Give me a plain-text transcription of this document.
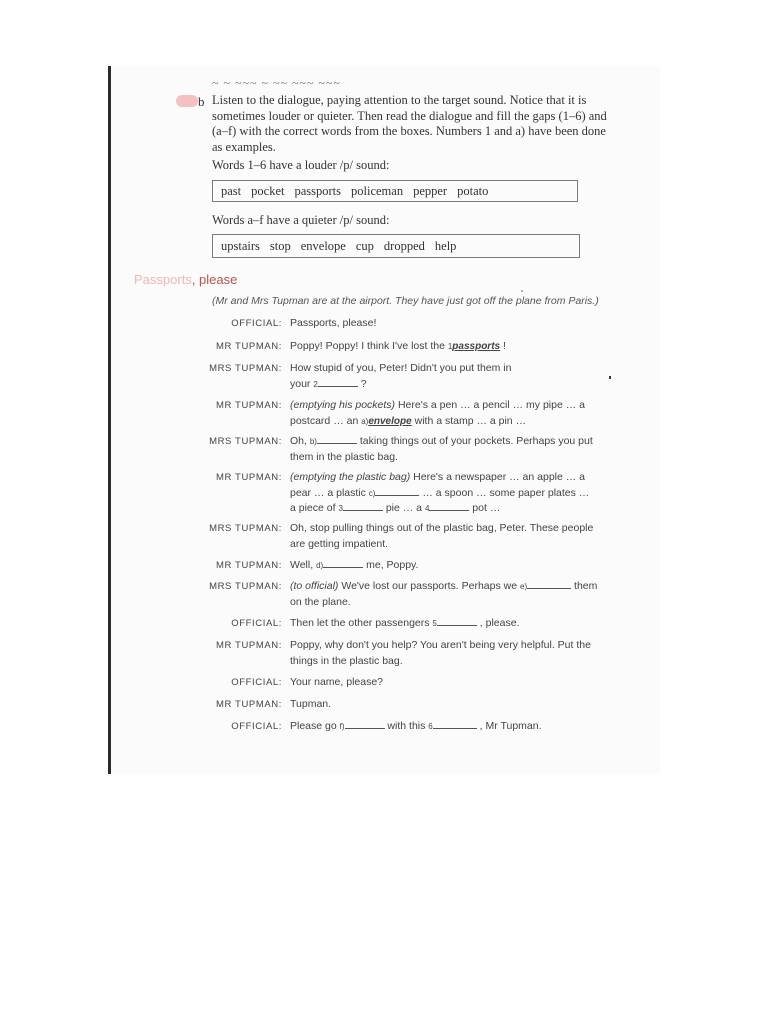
~ ~ ~~~ ~ ~~ ~~~ ~~~
b Listen to the dialogue, paying attention to the target sound. Notice that it is sometimes louder or quieter. Then read the dialogue and fill the gaps (1–6) and (a–f) with the correct words from the boxes. Numbers 1 and a) have been done as examples.
Words 1–6 have a louder /p/ sound:
past pocket passports policeman pepper potato
Words a–f have a quieter /p/ sound:
upstairs stop envelope cup dropped help
Passports, please
(Mr and Mrs Tupman are at the airport. They have just got off the plane from Paris.)
OFFICIAL: Passports, please!
MR TUPMAN: Poppy! Poppy! I think I've lost the 1passports !
MRS TUPMAN: How stupid of you, Peter! Didn't you put them in
your 2	?
MR TUPMAN: (emptying his pockets) Here's a pen … a pencil … my pipe … a
postcard … an a)envelope with a stamp … a pin …
MRS TUPMAN: Oh, b)	taking things out of your pockets. Perhaps you put
them in the plastic bag.
MR TUPMAN: (emptying the plastic bag) Here's a newspaper … an apple … a
pear … a plastic c)	… a spoon … some paper plates …
a piece of 3	pie … a 4	pot …
MRS TUPMAN: Oh, stop pulling things out of the plastic bag, Peter. These people
are getting impatient.
MR TUPMAN: Well, d)	me, Poppy.
MRS TUPMAN: (to official) We've lost our passports. Perhaps we e)	them
on the plane.
OFFICIAL: Then let the other passengers 5	, please.
MR TUPMAN: Poppy, why don't you help? You aren't being very helpful. Put the
things in the plastic bag.
OFFICIAL: Your name, please?
MR TUPMAN: Tupman.
OFFICIAL: Please go f)	with this 6	, Mr Tupman.
